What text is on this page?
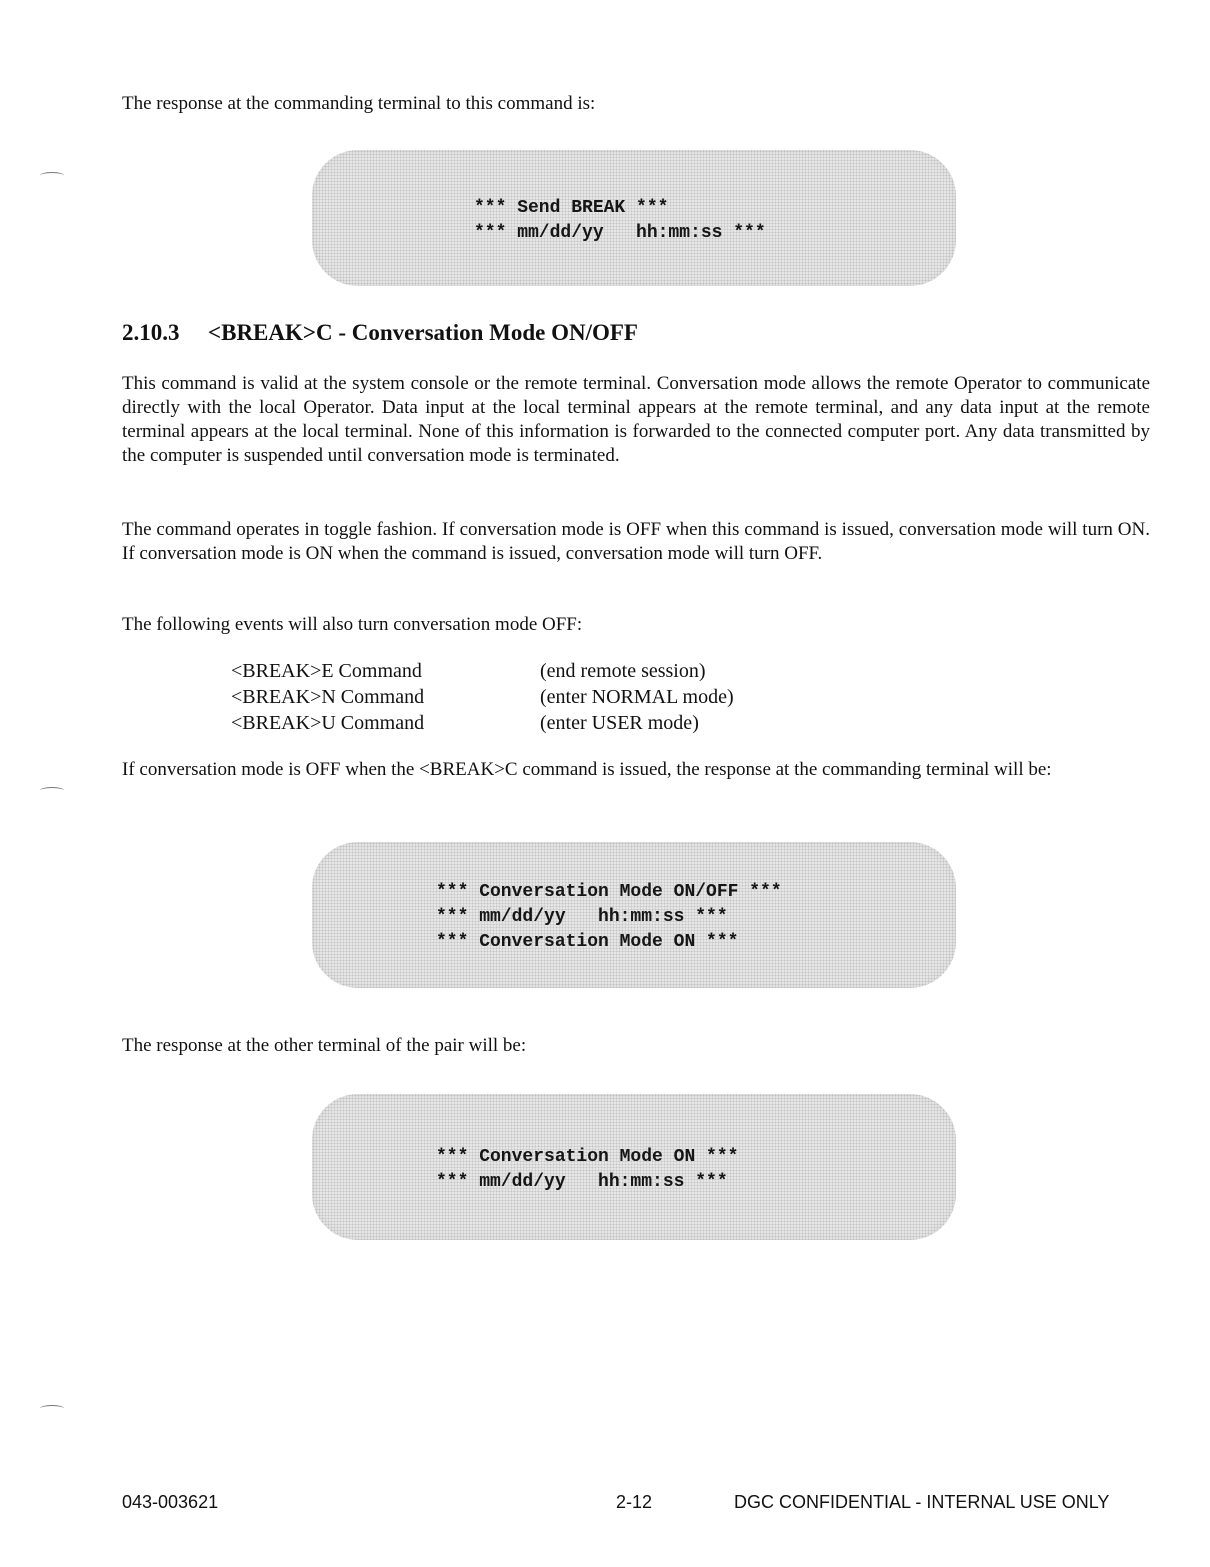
The response at the commanding terminal to this command is:

*** Send BREAK ***
*** mm/dd/yy   hh:mm:ss ***
2.10.3 <BREAK>C - Conversation Mode ON/OFF

This command is valid at the system console or the remote terminal. Conversation mode allows the remote Operator to communicate directly with the local Operator. Data input at the local terminal appears at the remote terminal, and any data input at the remote terminal appears at the local terminal. None of this information is forwarded to the connected computer port. Any data transmitted by the computer is suspended until conversation mode is terminated.

The command operates in toggle fashion. If conversation mode is OFF when this command is issued, conversation mode will turn ON. If conversation mode is ON when the command is issued, conversation mode will turn OFF.

The following events will also turn conversation mode OFF:

<BREAK>E Command	(end remote session)
<BREAK>N Command	(enter NORMAL mode)
<BREAK>U Command	(enter USER mode)

If conversation mode is OFF when the <BREAK>C command is issued, the response at the commanding terminal will be:

*** Conversation Mode ON/OFF ***
*** mm/dd/yy   hh:mm:ss ***
*** Conversation Mode ON ***

The response at the other terminal of the pair will be:

*** Conversation Mode ON ***
*** mm/dd/yy   hh:mm:ss ***
043-003621	2-12	DGC CONFIDENTIAL - INTERNAL USE ONLY
